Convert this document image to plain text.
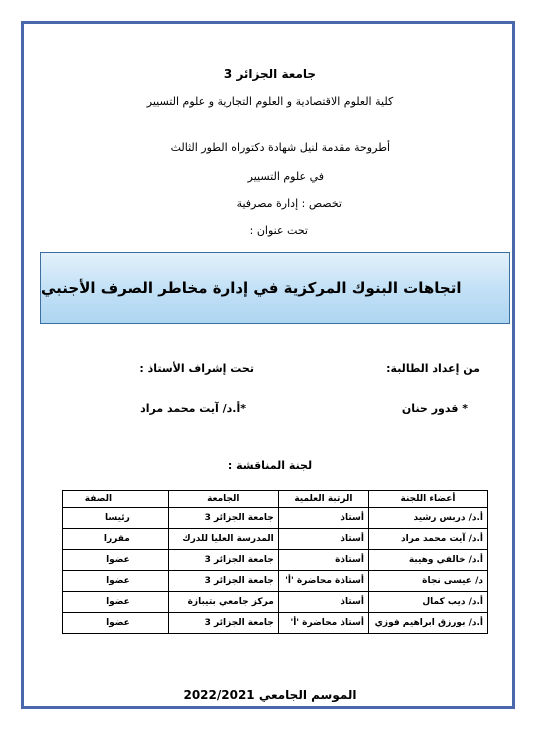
جامعة الجزائر 3
كلية العلوم الاقتصادية و العلوم التجارية و علوم التسيير
أطروحة مقدمة لنيل شهادة دكتوراه الطور الثالث
في علوم التسيير
تخصص : إدارة مصرفية
تحت عنوان :
اتجاهات البنوك المركزية في إدارة مخاطر الصرف الأجنبي
من إعداد الطالبة:
تحت إشراف الأستاذ :
* قدور حنان
*أ.د/ آيت محمد مراد
لجنة المناقشة :
أعضاء اللجنة	الرتبة العلمية	الجامعة	الصفة
أ.د/ دربس رشيد	أستاذ	جامعة الجزائر 3	رئيسا
أ.د/ آيت محمد مراد	أستاذ	المدرسة العليا للدرك	مقررا
أ.د/ خالفي وهيبة	أستاذة	جامعة الجزائر 3	عضوا
د/ عيسى نجاة	أستاذة محاضرة 'أ'	جامعة الجزائر 3	عضوا
أ.د/ ديب كمال	أستاذ	مركز جامعي بتيبازة	عضوا
أ.د/ بورزق ابراهيم فوزي	أستاذ محاضرة 'أ'	جامعة الجزائر 3	عضوا
الموسم الجامعي 2022/2021
